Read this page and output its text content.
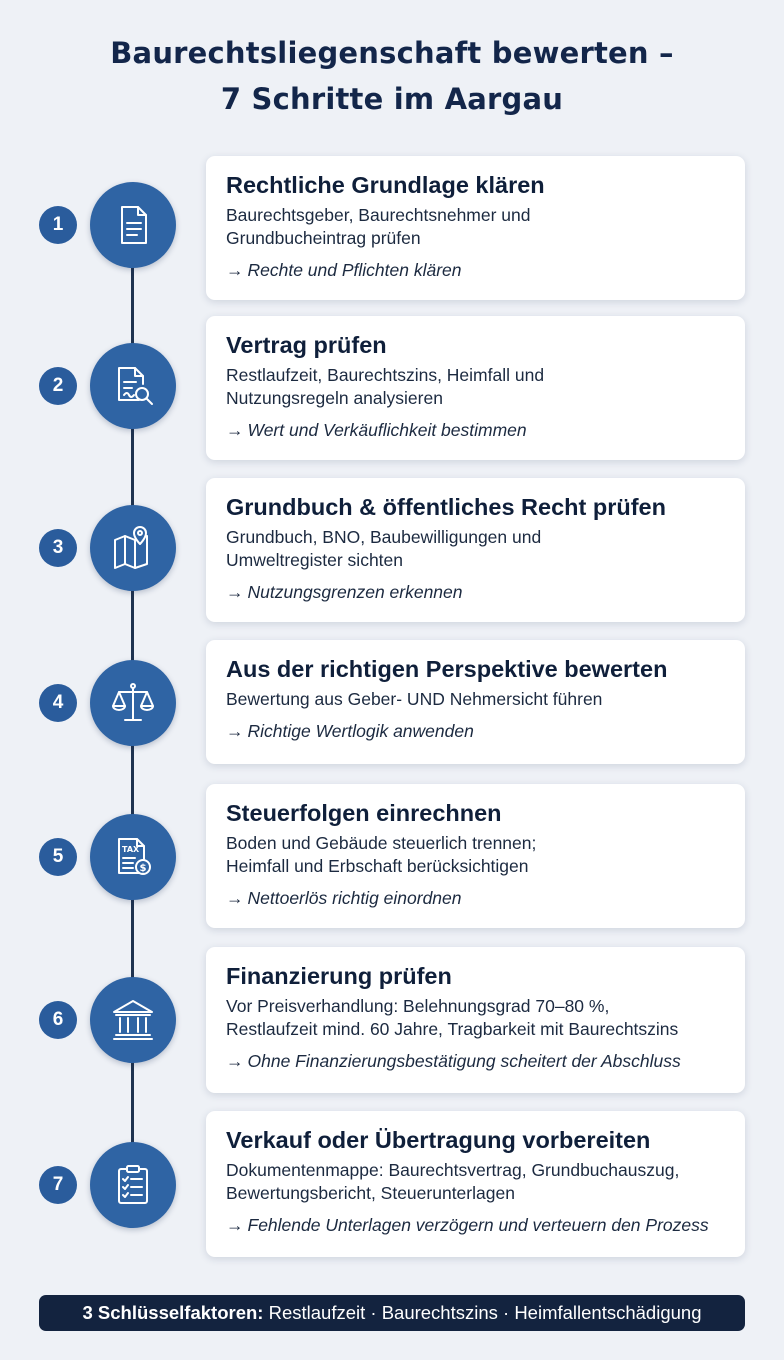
Baurechtsliegenschaft bewerten –
7 Schritte im Aargau
1
Rechtliche Grundlage klären
Baurechtsgeber, Baurechtsnehmer und
Grundbucheintrag prüfen
→ Rechte und Pflichten klären
2
Vertrag prüfen
Restlaufzeit, Baurechtszins, Heimfall und
Nutzungsregeln analysieren
→ Wert und Verkäuflichkeit bestimmen
3
Grundbuch & öffentliches Recht prüfen
Grundbuch, BNO, Baubewilligungen und
Umweltregister sichten
→ Nutzungsgrenzen erkennen
4
Aus der richtigen Perspektive bewerten
Bewertung aus Geber- UND Nehmersicht führen
→ Richtige Wertlogik anwenden
5	TAX
$
Steuerfolgen einrechnen
Boden und Gebäude steuerlich trennen;
Heimfall und Erbschaft berücksichtigen
→ Nettoerlös richtig einordnen
6
Finanzierung prüfen
Vor Preisverhandlung: Belehnungsgrad 70–80 %,
Restlaufzeit mind. 60 Jahre, Tragbarkeit mit Baurechtszins
→ Ohne Finanzierungsbestätigung scheitert der Abschluss
7
Verkauf oder Übertragung vorbereiten
Dokumentenmappe: Baurechtsvertrag, Grundbuchauszug,
Bewertungsbericht, Steuerunterlagen
→ Fehlende Unterlagen verzögern und verteuern den Prozess
3 Schlüsselfaktoren: Restlaufzeit · Baurechtszins · Heimfallentschädigung
